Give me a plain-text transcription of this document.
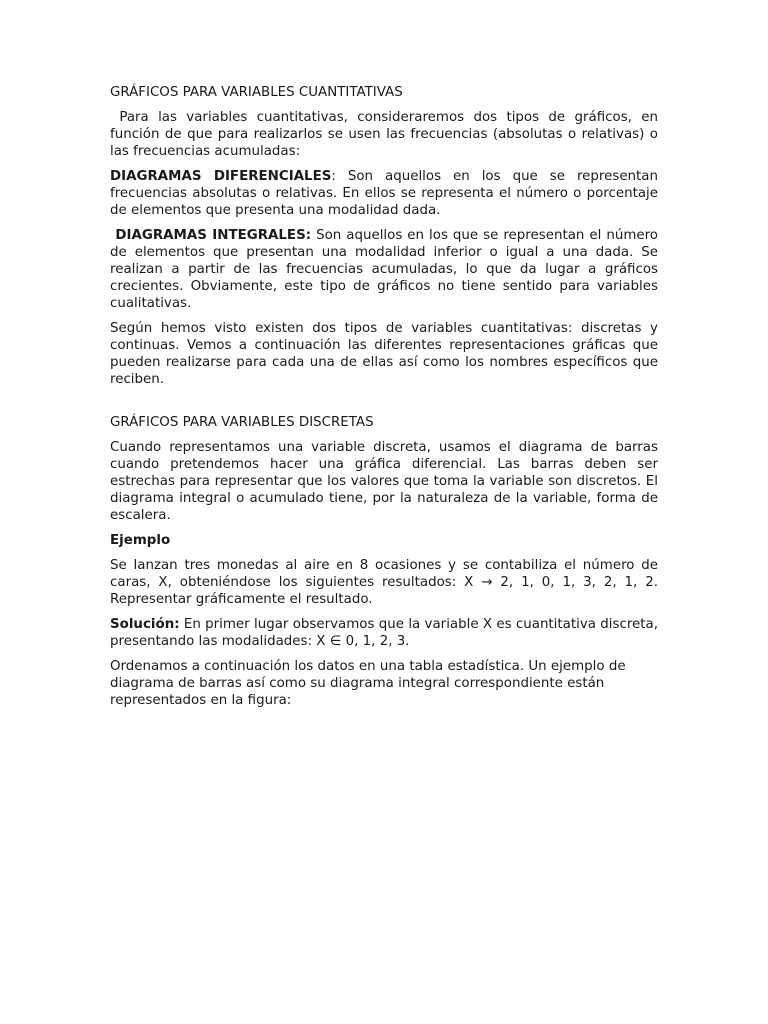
GRÁFICOS PARA VARIABLES CUANTITATIVAS

Para las variables cuantitativas, consideraremos dos tipos de gráficos, en función de que para realizarlos se usen las frecuencias (absolutas o relativas) o las frecuencias acumuladas:

DIAGRAMAS DIFERENCIALES: Son aquellos en los que se representan frecuencias absolutas o relativas. En ellos se representa el número o porcentaje de elementos que presenta una modalidad dada.

DIAGRAMAS INTEGRALES: Son aquellos en los que se representan el número de elementos que presentan una modalidad inferior o igual a una dada. Se realizan a partir de las frecuencias acumuladas, lo que da lugar a gráficos crecientes. Obviamente, este tipo de gráficos no tiene sentido para variables cualitativas.

Según hemos visto existen dos tipos de variables cuantitativas: discretas y continuas. Vemos a continuación las diferentes representaciones gráficas que pueden realizarse para cada una de ellas así como los nombres específicos que reciben.

GRÁFICOS PARA VARIABLES DISCRETAS

Cuando representamos una variable discreta, usamos el diagrama de barras cuando pretendemos hacer una gráfica diferencial. Las barras deben ser estrechas para representar que los valores que toma la variable son discretos. El diagrama integral o acumulado tiene, por la naturaleza de la variable, forma de escalera.

Ejemplo

Se lanzan tres monedas al aire en 8 ocasiones y se contabiliza el número de caras, X, obteniéndose los siguientes resultados: X → 2, 1, 0, 1, 3, 2, 1, 2. Representar gráficamente el resultado.

Solución: En primer lugar observamos que la variable X es cuantitativa discreta, presentando las modalidades: X ∈ 0, 1, 2, 3.

Ordenamos a continuación los datos en una tabla estadística. Un ejemplo de diagrama de barras así como su diagrama integral correspondiente están representados en la figura:
